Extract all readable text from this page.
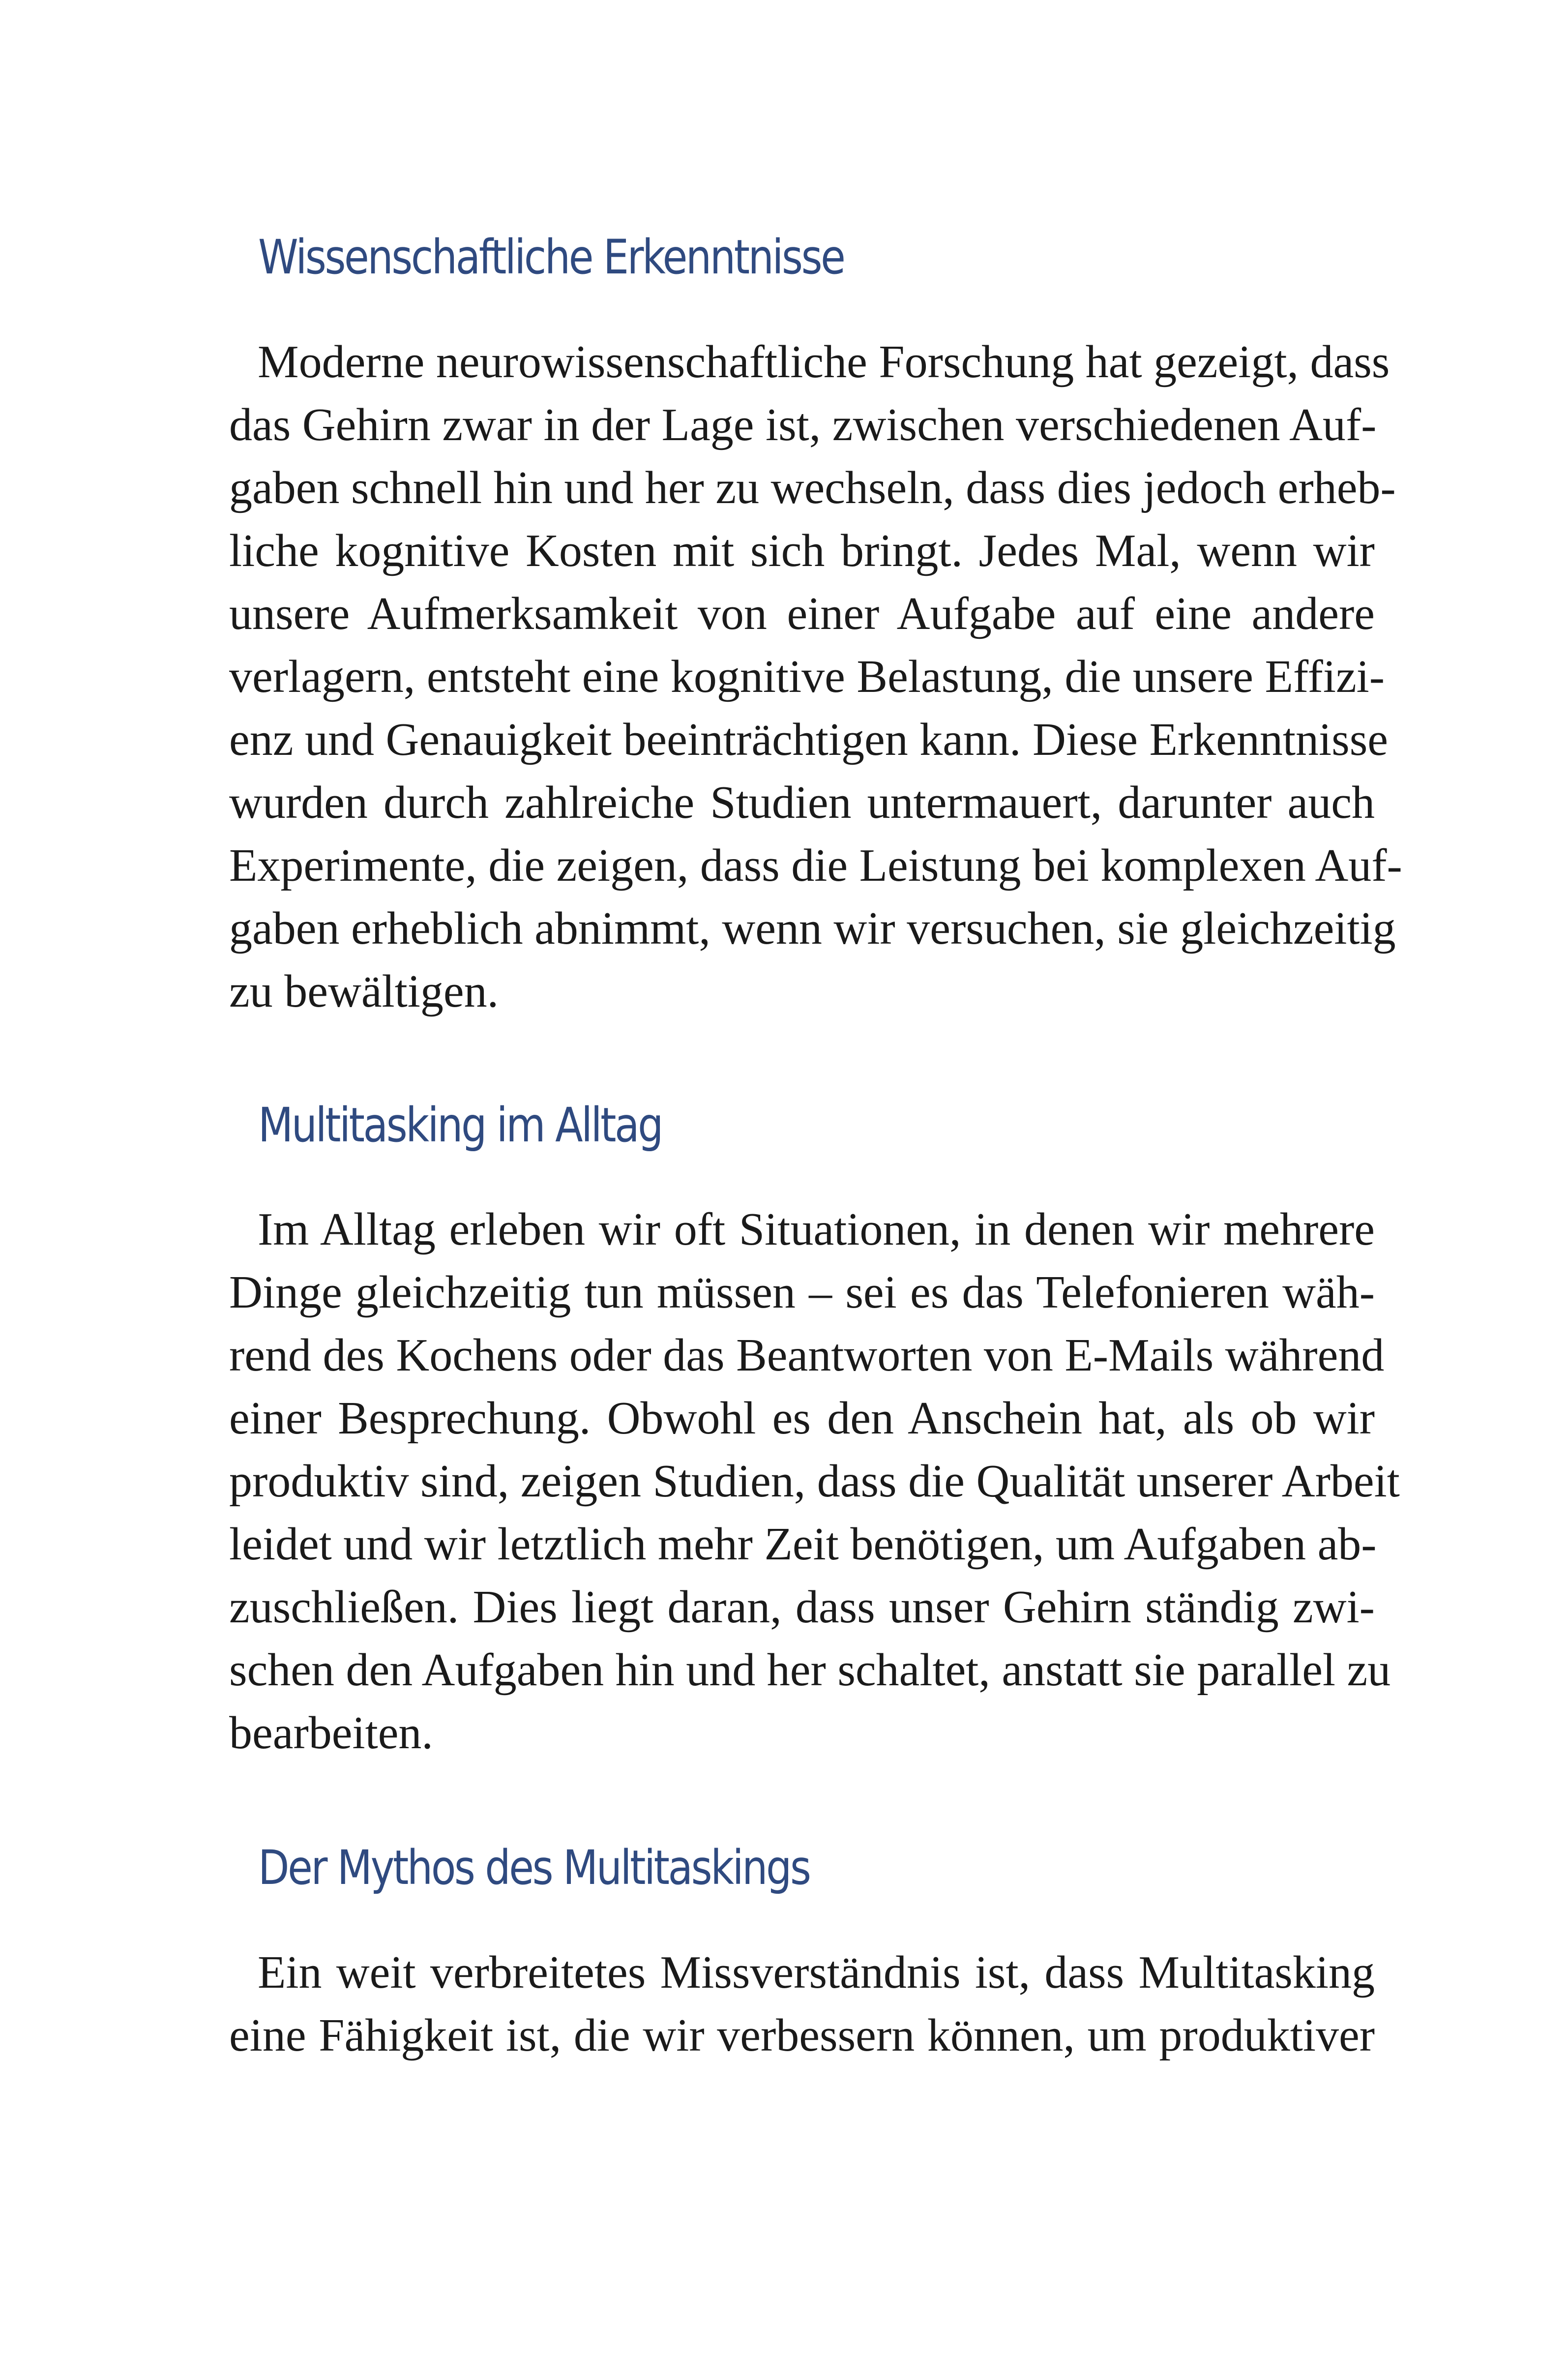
Wissenschaftliche Erkenntnisse
Moderne neurowissenschaftliche Forschung hat gezeigt, dass
das Gehirn zwar in der Lage ist, zwischen verschiedenen Auf-
gaben schnell hin und her zu wechseln, dass dies jedoch erheb-
liche kognitive Kosten mit sich bringt. Jedes Mal, wenn wir
unsere Aufmerksamkeit von einer Aufgabe auf eine andere
verlagern, entsteht eine kognitive Belastung, die unsere Effizi-
enz und Genauigkeit beeinträchtigen kann. Diese Erkenntnisse
wurden durch zahlreiche Studien untermauert, darunter auch
Experimente, die zeigen, dass die Leistung bei komplexen Auf-
gaben erheblich abnimmt, wenn wir versuchen, sie gleichzeitig
zu bewältigen.
Multitasking im Alltag
Im Alltag erleben wir oft Situationen, in denen wir mehrere
Dinge gleichzeitig tun müssen – sei es das Telefonieren wäh-
rend des Kochens oder das Beantworten von E-Mails während
einer Besprechung. Obwohl es den Anschein hat, als ob wir
produktiv sind, zeigen Studien, dass die Qualität unserer Arbeit
leidet und wir letztlich mehr Zeit benötigen, um Aufgaben ab-
zuschließen. Dies liegt daran, dass unser Gehirn ständig zwi-
schen den Aufgaben hin und her schaltet, anstatt sie parallel zu
bearbeiten.
Der Mythos des Multitaskings
Ein weit verbreitetes Missverständnis ist, dass Multitasking
eine Fähigkeit ist, die wir verbessern können, um produktiver
